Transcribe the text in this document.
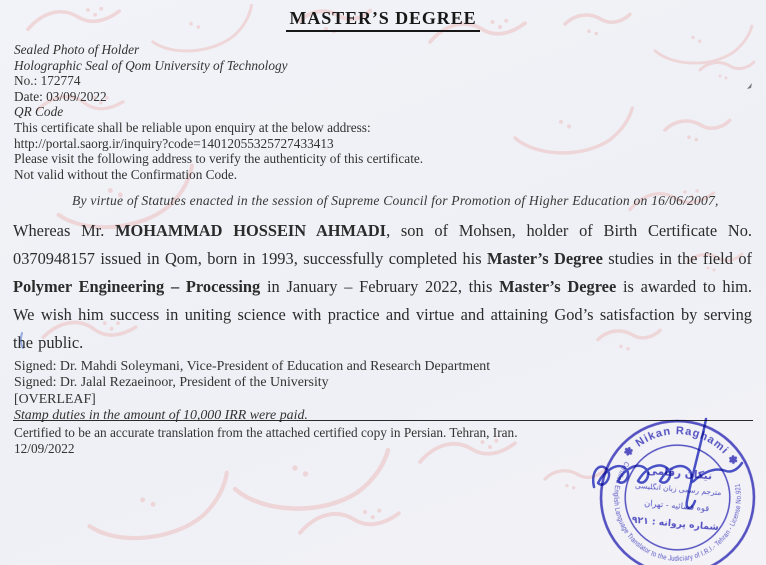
MASTER’S DEGREE
Sealed Photo of Holder
Holographic Seal of Qom University of Technology
No.: 172774
Date: 03/09/2022
QR Code
This certificate shall be reliable upon enquiry at the below address:
http://portal.saorg.ir/inquiry?code=14012055325727433413
Please visit the following address to verify the authenticity of this certificate.
Not valid without the Confirmation Code.
By virtue of Statutes enacted in the session of Supreme Council for Promotion of Higher Education on 16/06/2007,

Whereas Mr. MOHAMMAD HOSSEIN AHMADI, son of Mohsen, holder of Birth Certificate No. 0370948157 issued in Qom, born in 1993, successfully completed his Master’s Degree studies in the field of Polymer Engineering – Processing in January – February 2022, this Master’s Degree is awarded to him. We wish him success in uniting science with practice and virtue and attaining God’s satisfaction by serving the public.

Signed: Dr. Mahdi Soleymani, Vice-President of Education and Research Department
Signed: Dr. Jalal Rezaeinoor, President of the University
[OVERLEAF]
Stamp duties in the amount of 10,000 IRR were paid.
Certified to be an accurate translation from the attached certified copy in Persian. Tehran, Iran.
12/09/2022	✽ Nikan Raghami ✽
Certified English Language Translator to the Judiciary of I.R.I.- Tehran - License No.921
نیکان رقامی
مترجم رسمی زبان انگلیسی
قوه قضائیه - تهران
شماره پروانه : ۹۲۱
